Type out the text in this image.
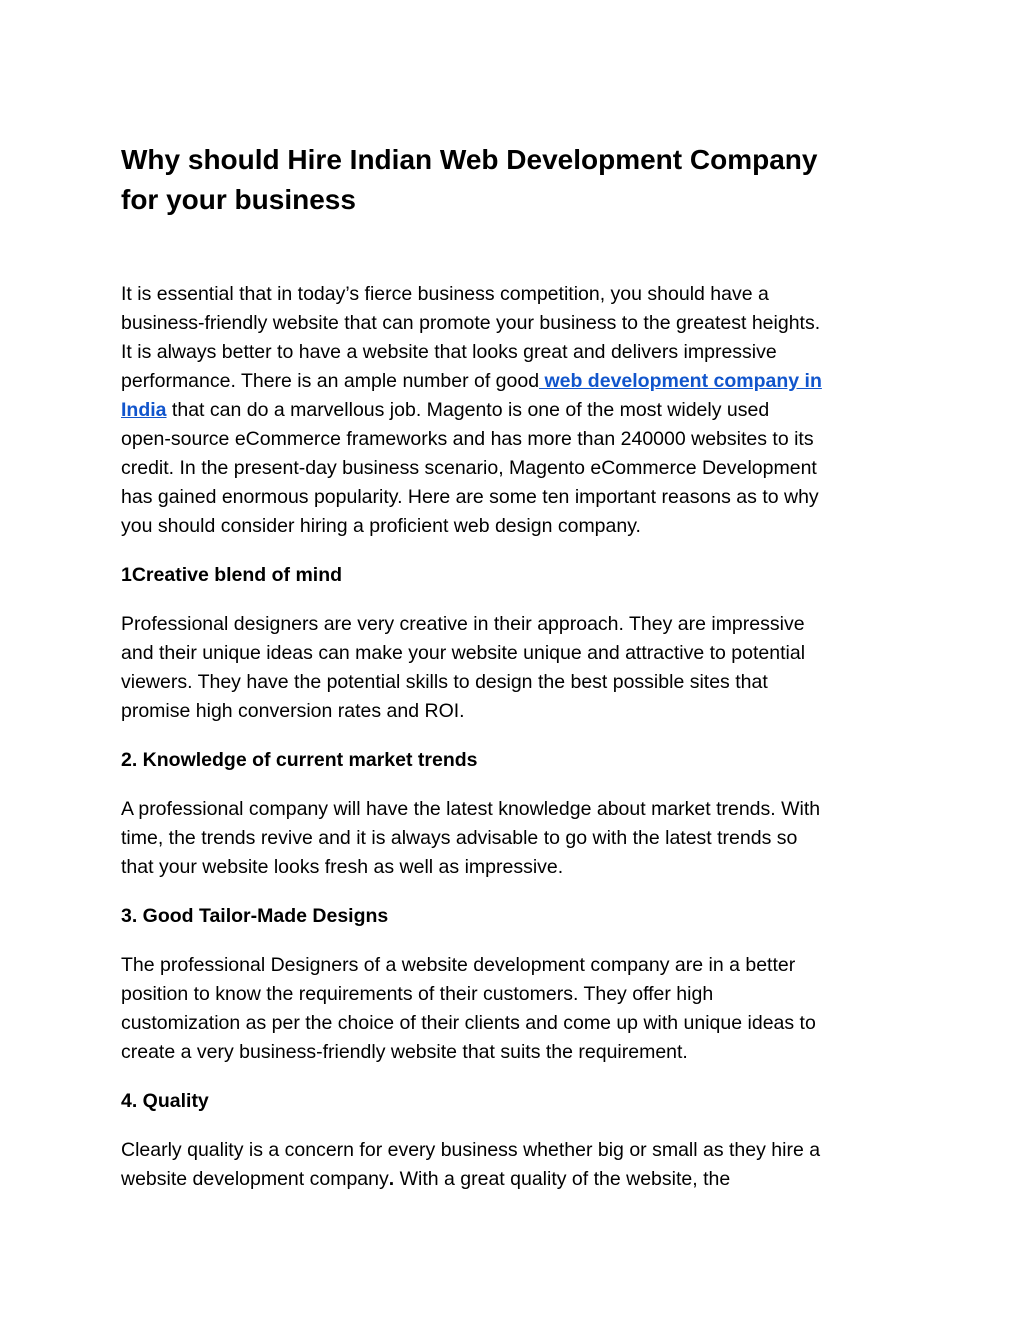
Why should Hire Indian Web Development Company
for your business

It is essential that in today’s fierce business competition, you should have a
business-friendly website that can promote your business to the greatest heights.
It is always better to have a website that looks great and delivers impressive
performance. There is an ample number of good web development company in
India that can do a marvellous job. Magento is one of the most widely used
open-source eCommerce frameworks and has more than 240000 websites to its
credit. In the present-day business scenario, Magento eCommerce Development
has gained enormous popularity. Here are some ten important reasons as to why
you should consider hiring a proficient web design company.

1Creative blend of mind

Professional designers are very creative in their approach. They are impressive
and their unique ideas can make your website unique and attractive to potential
viewers. They have the potential skills to design the best possible sites that
promise high conversion rates and ROI.

2. Knowledge of current market trends

A professional company will have the latest knowledge about market trends. With
time, the trends revive and it is always advisable to go with the latest trends so
that your website looks fresh as well as impressive.

3. Good Tailor-Made Designs

The professional Designers of a website development company are in a better
position to know the requirements of their customers. They offer high
customization as per the choice of their clients and come up with unique ideas to
create a very business-friendly website that suits the requirement.

4. Quality

Clearly quality is a concern for every business whether big or small as they hire a
website development company. With a great quality of the website, the
